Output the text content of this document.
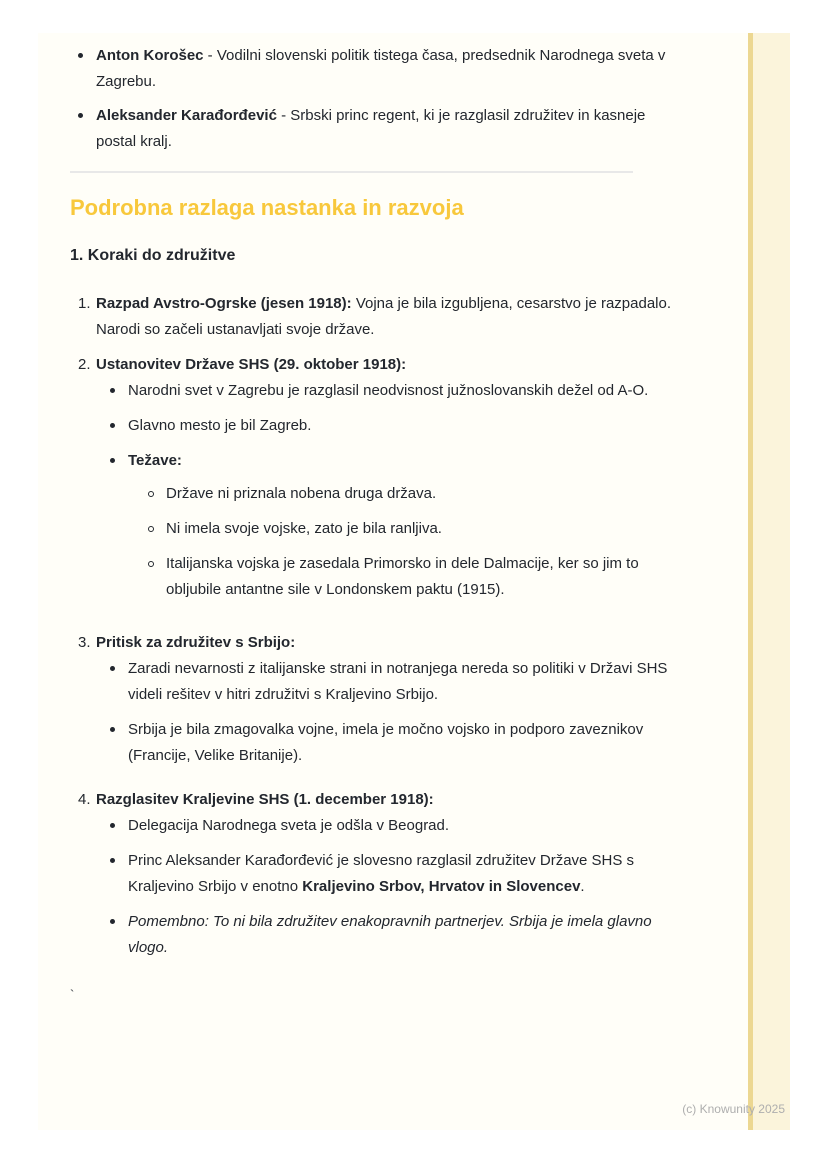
Anton Korošec - Vodilni slovenski politik tistega časa, predsednik Narodnega sveta v Zagrebu.

Aleksander Karađorđević - Srbski princ regent, ki je razglasil združitev in kasneje postal kralj.

Podrobna razlaga nastanka in razvoja
1. Koraki do združitve
1. Razpad Avstro-Ogrske (jesen 1918): Vojna je bila izgubljena, cesarstvo je razpadalo. Narodi so začeli ustanavljati svoje države.

2. Ustanovitev Države SHS (29. oktober 1918):

Narodni svet v Zagrebu je razglasil neodvisnost južnoslovanskih dežel od A-O.

Glavno mesto je bil Zagreb.

Težave:

Države ni priznala nobena druga država.

Ni imela svoje vojske, zato je bila ranljiva.

Italijanska vojska je zasedala Primorsko in dele Dalmacije, ker so jim to obljubile antantne sile v Londonskem paktu (1915).

3. Pritisk za združitev s Srbijo:

Zaradi nevarnosti z italijanske strani in notranjega nereda so politiki v Državi SHS videli rešitev v hitri združitvi s Kraljevino Srbijo.

Srbija je bila zmagovalka vojne, imela je močno vojsko in podporo zaveznikov (Francije, Velike Britanije).

4. Razglasitev Kraljevine SHS (1. december 1918):

Delegacija Narodnega sveta je odšla v Beograd.

Princ Aleksander Karađorđević je slovesno razglasil združitev Države SHS s Kraljevino Srbijo v enotno Kraljevino Srbov, Hrvatov in Slovencev.

Pomembno: To ni bila združitev enakopravnih partnerjev. Srbija je imela glavno vlogo.

`

(c) Knowunity 2025
